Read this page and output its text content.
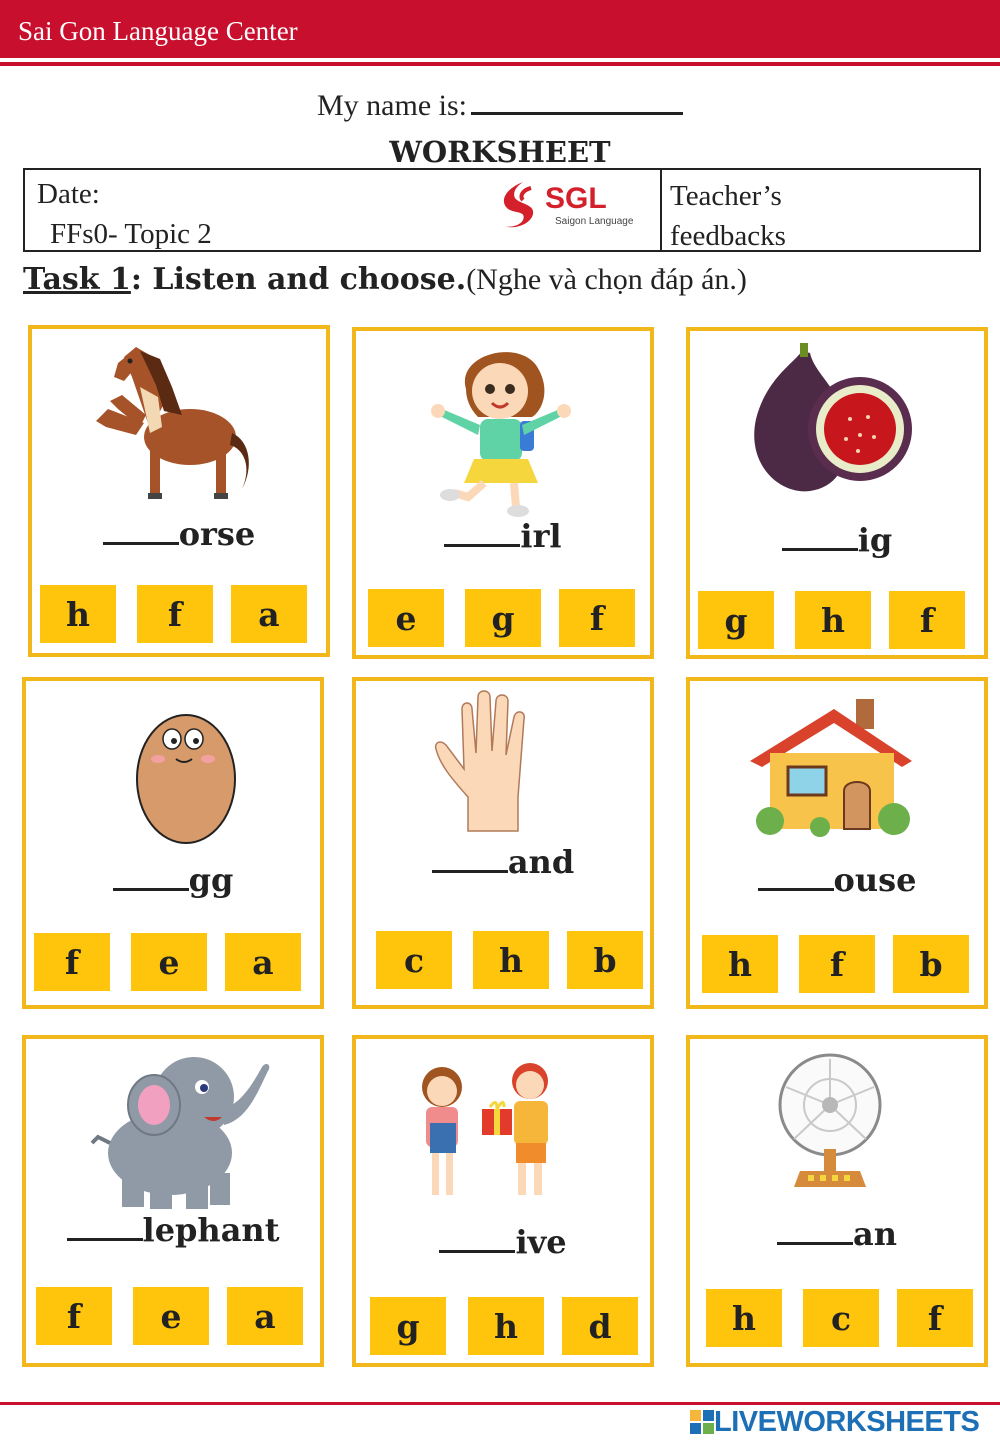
Sai Gon Language Center
My name is:
WORKSHEET
Date:
FFs0- Topic 2
SGL
Saigon Language
Teacher’s
feedbacks
Task 1: Listen and choose.(Nghe và chọn đáp án.)
orse
h	f	a
irl
e	g	f
ig
g	h	f
gg
f	e	a
and
c	h	b
ouse
h	f	b
lephant
f	e	a
ive
g	h	d
an
h	c	f
LIVEWORKSHEETS
